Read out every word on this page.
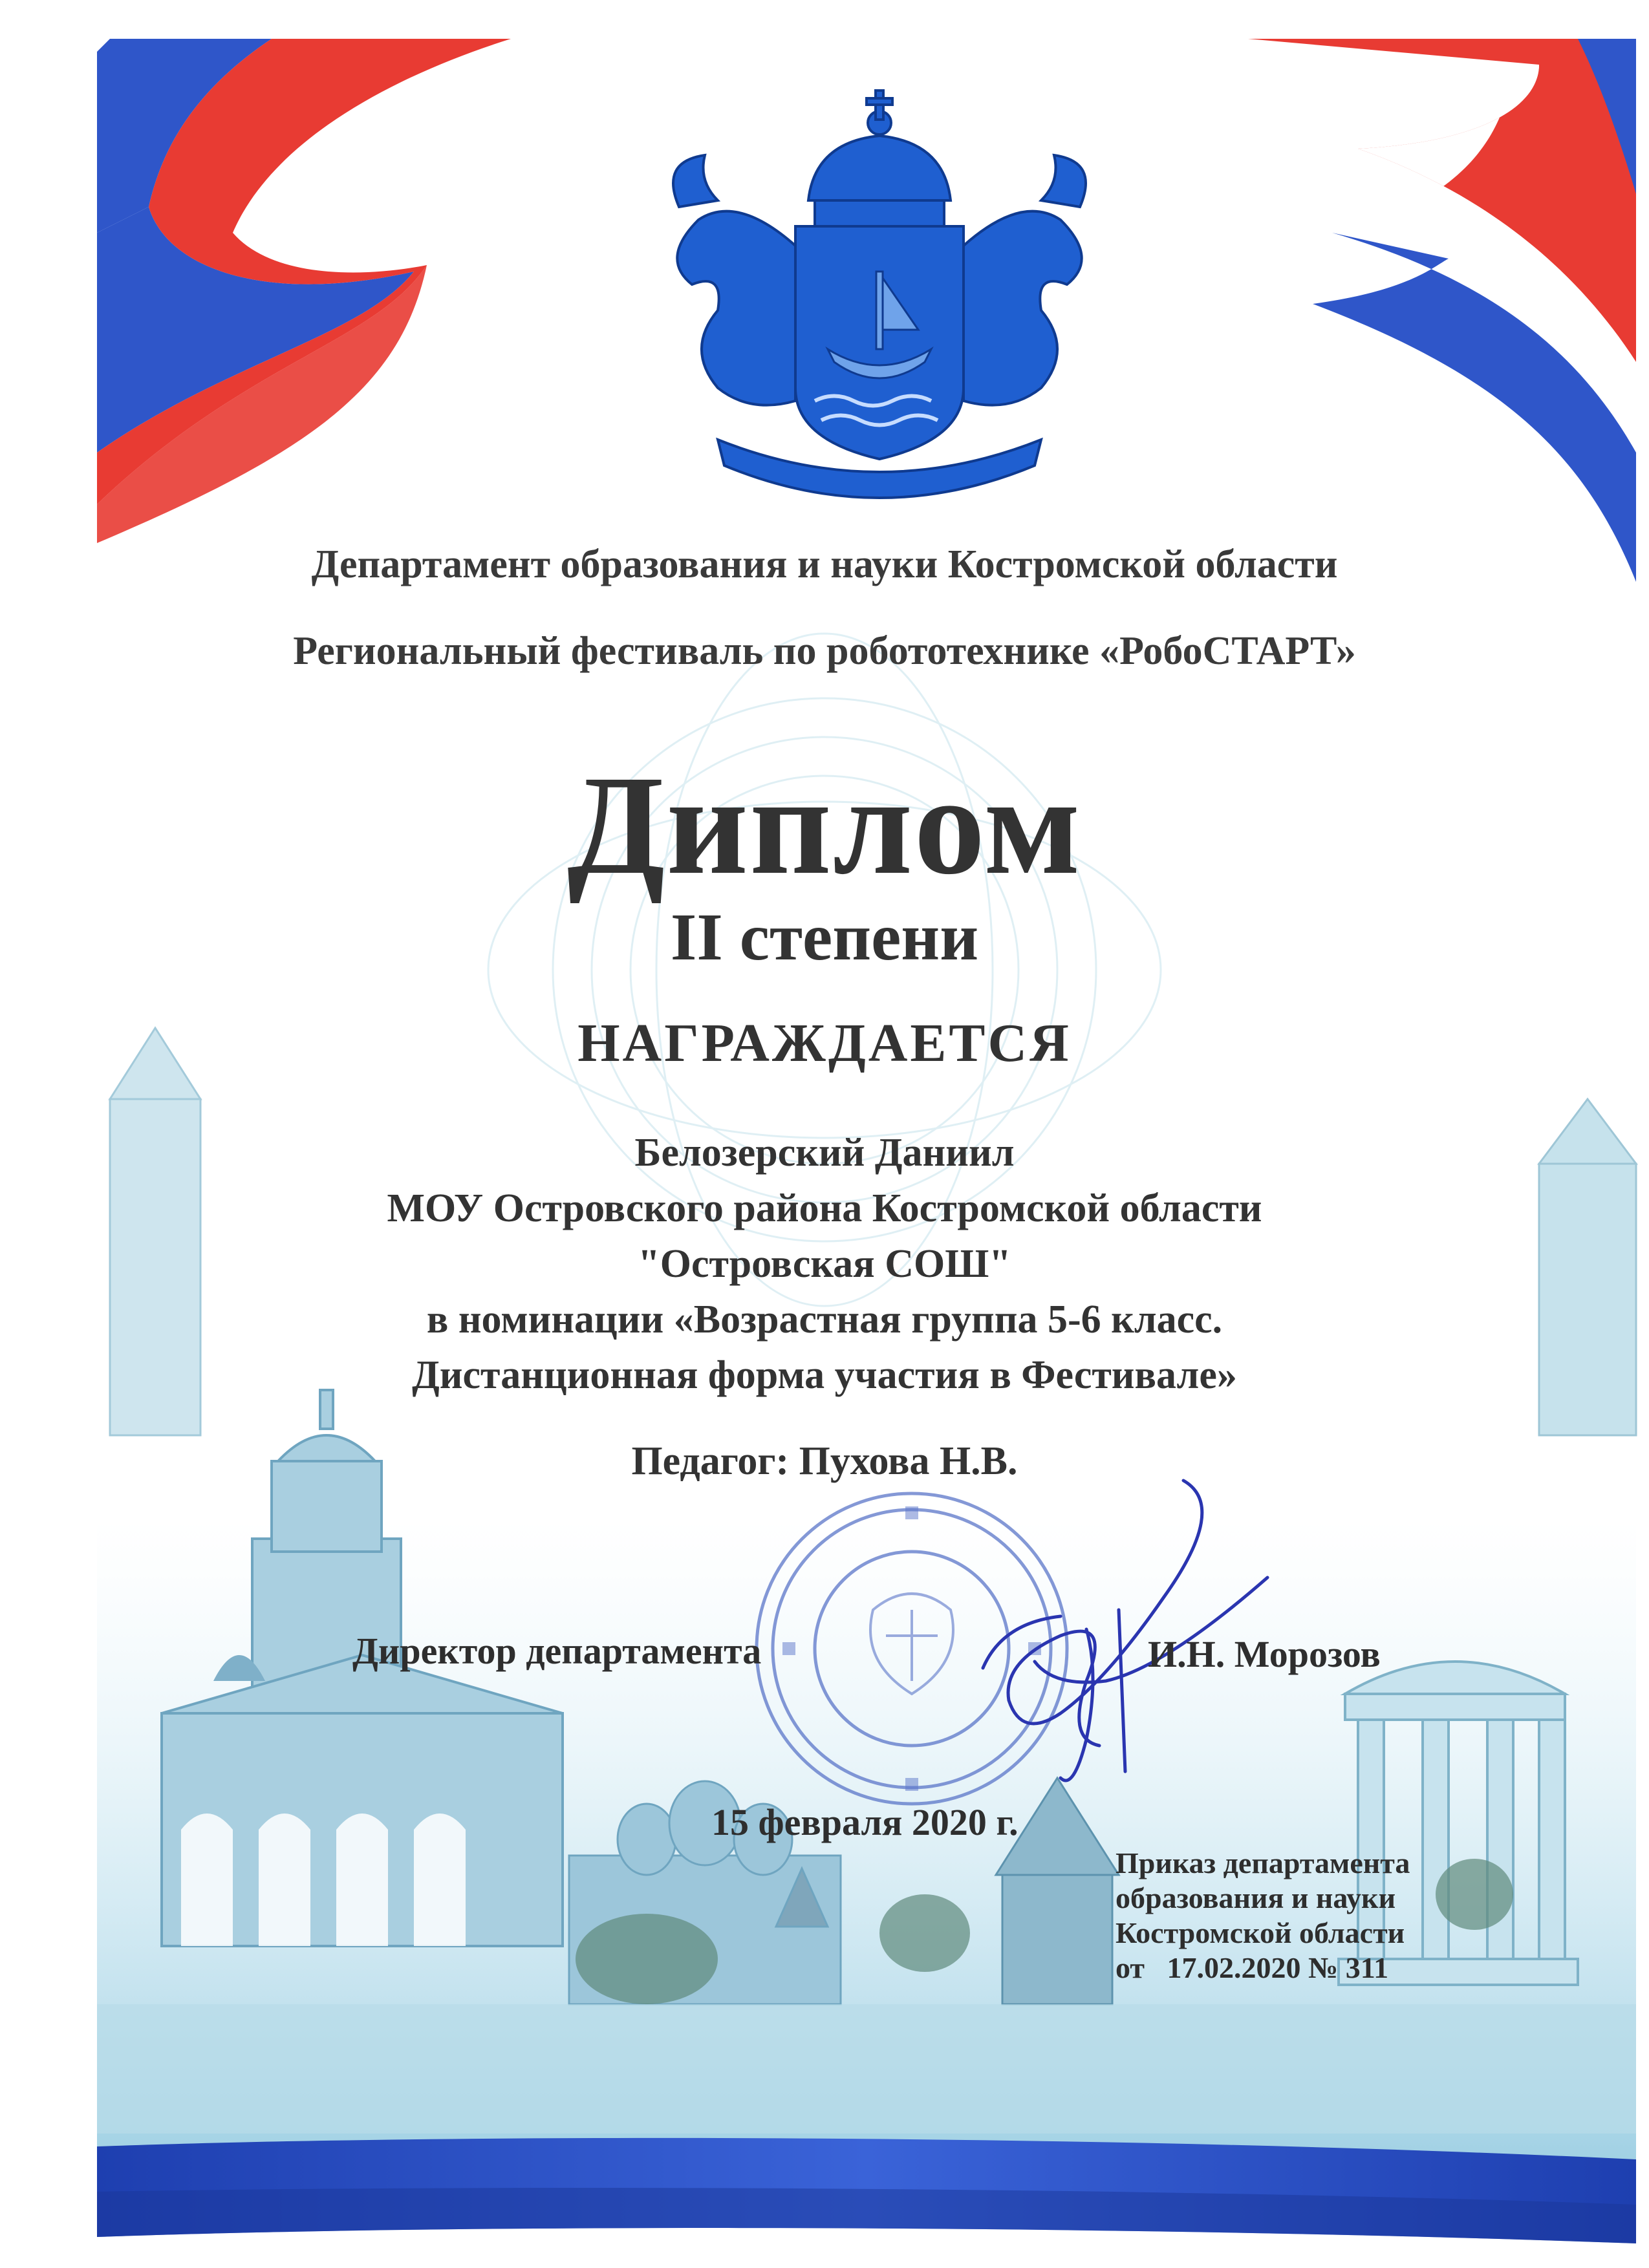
Департамент образования и науки Костромской области
Региональный фестиваль по робототехнике «РобоСТАРТ»
Диплом
II степени
НАГРАЖДАЕТСЯ
Белозерский Даниил
МОУ Островского района Костромской области
"Островская СОШ"
в номинации «Возрастная группа 5-6 класс.
Дистанционная форма участия в Фестивале»
Педагог: Пухова Н.В.
Директор департамента	И.Н. Морозов
15 февраля 2020 г.
Приказ департамента
образования и науки
Костромской области
от   17.02.2020 № 311
